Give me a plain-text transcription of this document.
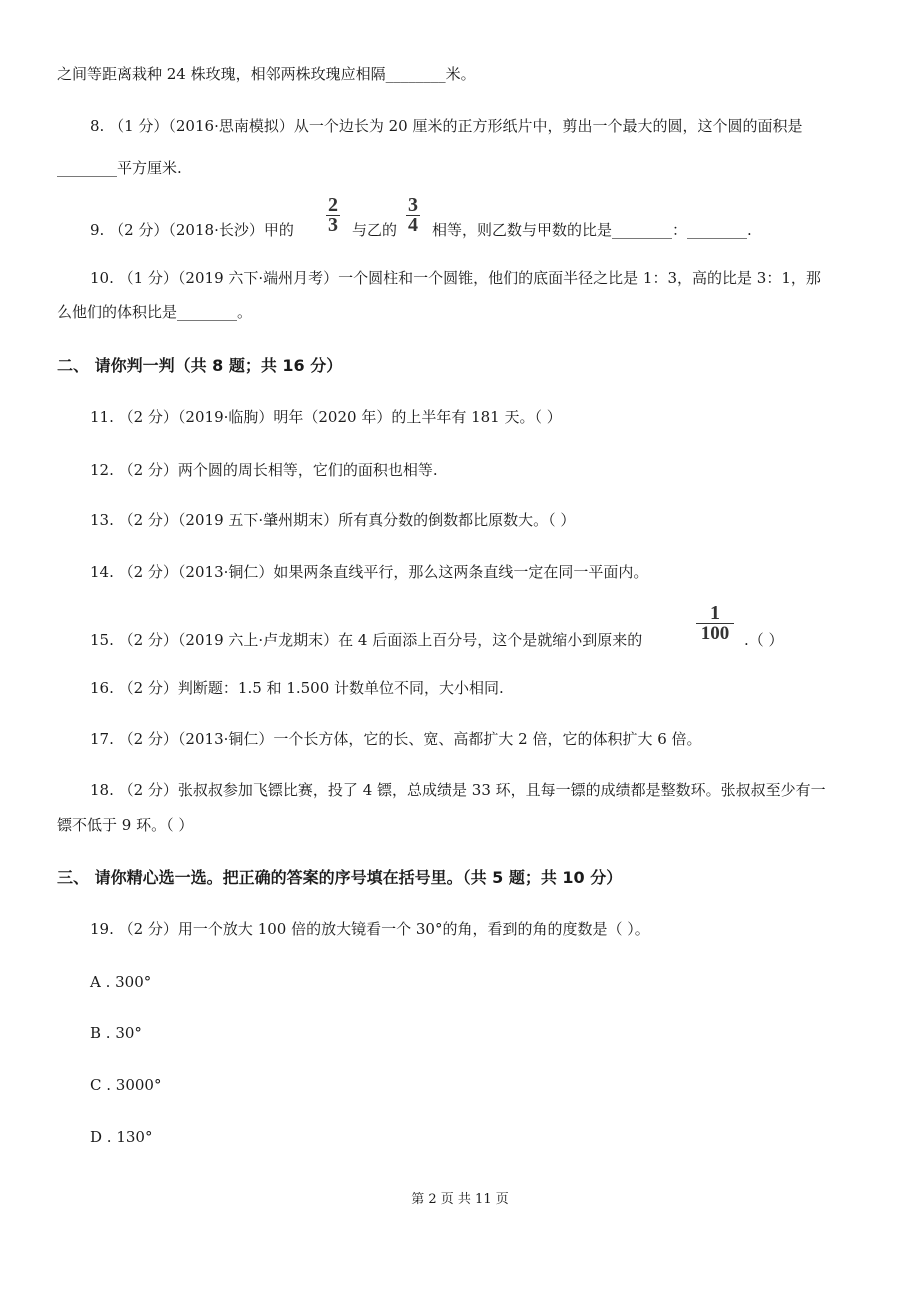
之间等距离栽种 24 株玫瑰，相邻两株玫瑰应相隔________米。
8. （1 分）（2016·思南模拟）从一个边长为 20 厘米的正方形纸片中，剪出一个最大的圆，这个圆的面积是
________平方厘米.
9. （2 分）（2018·长沙）甲的
2
3 与乙的
3
4 相等，则乙数与甲数的比是________：________.
10. （1 分）（2019 六下·端州月考）一个圆柱和一个圆锥，他们的底面半径之比是 1：3，高的比是 3：1，那
么他们的体积比是________。
二、 请你判一判（共 8 题；共 16 分）
11. （2 分）（2019·临朐）明年（2020 年）的上半年有 181 天。（ ）
12. （2 分）两个圆的周长相等，它们的面积也相等.
13. （2 分）（2019 五下·肇州期末）所有真分数的倒数都比原数大。（ ）
14. （2 分）（2013·铜仁）如果两条直线平行，那么这两条直线一定在同一平面内。
15. （2 分）（2019 六上·卢龙期末）在 4 后面添上百分号，这个是就缩小到原来的
1
100 .（ ）
16. （2 分）判断题：1.5 和 1.500 计数单位不同，大小相同.
17. （2 分）（2013·铜仁）一个长方体，它的长、宽、高都扩大 2 倍，它的体积扩大 6 倍。
18. （2 分）张叔叔参加飞镖比赛，投了 4 镖，总成绩是 33 环，且每一镖的成绩都是整数环。张叔叔至少有一
镖不低于 9 环。（ ）
三、 请你精心选一选。把正确的答案的序号填在括号里。（共 5 题；共 10 分）
19. （2 分）用一个放大 100 倍的放大镜看一个 30°的角，看到的角的度数是（ ）。
A . 300°
B . 30°
C . 3000°
D . 130°
第 2 页 共 11 页
